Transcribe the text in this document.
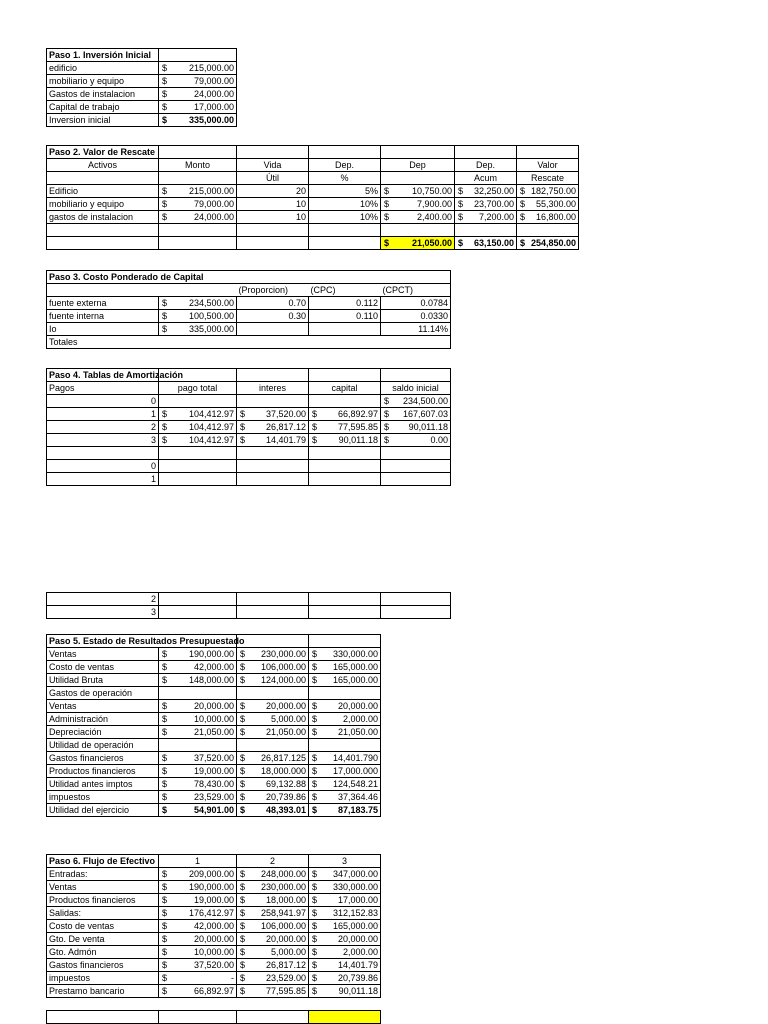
Paso 1. Inversión Inicial	
edificio	$ 215,000.00

mobiliario y equipo	$ 79,000.00

Gastos de instalacion	$ 24,000.00

Capital de trabajo	$ 17,000.00

Inversion inicial	$ 335,000.00
Paso 2. Valor de Rescate						
Activos	Monto	Vida	Dep.	Dep	Dep.	Valor
		Útil	%		Acum	Rescate
Edificio	$ 215,000.00	20	5%	$ 10,750.00	$ 32,250.00	$ 182,750.00

mobiliario y equipo	$ 79,000.00	10	10%	$ 7,900.00	$ 23,700.00	$ 55,300.00

gastos de instalacion	$ 24,000.00	10	10%	$ 2,400.00	$ 7,200.00	$ 16,800.00

				$ 21,050.00	$ 63,150.00	$ 254,850.00
Paso 3. Costo Ponderado de Capital				
		(Proporcion)	(CPC)	(CPCT)
fuente externa	$ 234,500.00	0.70	0.112	0.0784
fuente interna	$ 100,500.00	0.30	0.110	0.0330
Io	$ 335,000.00			11.14%
Totales				
Paso 4. Tablas de Amortización				
Pagos	pago total	interes	capital	saldo inicial
0				$ 234,500.00

1	$ 104,412.97	$ 37,520.00	$ 66,892.97	$ 167,607.03

2	$ 104,412.97	$ 26,817.12	$ 77,595.85	$ 90,011.18

3	$ 104,412.97	$ 14,401.79	$ 90,011.18	$ 0.00

0				
1				
2				
3				
Paso 5. Estado de Resultados Presupuestado			
Ventas	$ 190,000.00	$ 230,000.00	$ 330,000.00

Costo de ventas	$ 42,000.00	$ 106,000.00	$ 165,000.00

Utilidad Bruta	$ 148,000.00	$ 124,000.00	$ 165,000.00

Gastos de operación			
Ventas	$ 20,000.00	$ 20,000.00	$ 20,000.00

Administración	$ 10,000.00	$ 5,000.00	$ 2,000.00

Depreciación	$ 21,050.00	$ 21,050.00	$ 21,050.00

Utilidad de operación			
Gastos financieros	$ 37,520.00	$ 26,817.125	$ 14,401.790

Productos financieros	$ 19,000.00	$ 18,000.000	$ 17,000.000

Utilidad antes imptos	$ 78,430.00	$ 69,132.88	$ 124,548.21

impuestos	$ 23,529.00	$ 20,739.86	$ 37,364.46

Utilidad del ejercicio	$ 54,901.00	$ 48,393.01	$ 87,183.75
Paso 6. Flujo de Efectivo	1	2	3
Entradas:	$ 209,000.00	$ 248,000.00	$ 347,000.00

Ventas	$ 190,000.00	$ 230,000.00	$ 330,000.00

Productos financieros	$ 19,000.00	$ 18,000.00	$ 17,000.00

Salidas:	$ 176,412.97	$ 258,941.97	$ 312,152.83

Costo de ventas	$ 42,000.00	$ 106,000.00	$ 165,000.00

Gto. De venta	$ 20,000.00	$ 20,000.00	$ 20,000.00

Gto. Admón	$ 10,000.00	$ 5,000.00	$ 2,000.00

Gastos financieros	$ 37,520.00	$ 26,817.12	$ 14,401.79

impuestos	$ -	$ 23,529.00	$ 20,739.86

Prestamo bancario	$ 66,892.97	$ 77,595.85	$ 90,011.18
